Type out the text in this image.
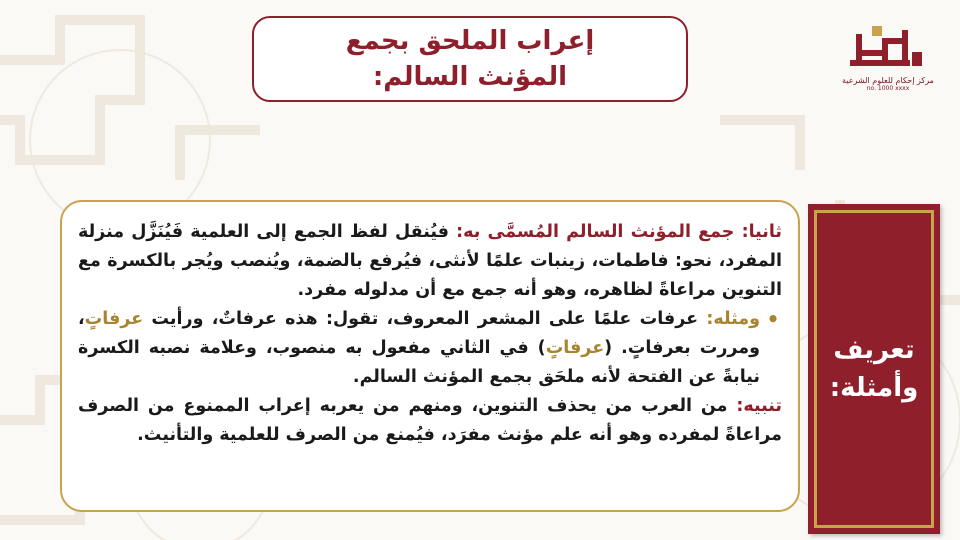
مركز إحكام للعلوم الشرعية
no. 1000 xxxx
إعراب الملحق بجمع
المؤنث السالم:
تعريف
وأمثلة:

ثانيا: جمع المؤنث السالم المُسمَّى به: فيُنقل لفظ الجمع إلى العلمية فَيُنَزَّل منزلة المفرد، نحو: فاطمات، زينبات علمًا لأنثى، فيُرفع بالضمة، ويُنصب ويُجر بالكسرة مع التنوين مراعاةً لظاهره، وهو أنه جمع مع أن مدلوله مفرد.

•
ومثله: عرفات علمًا على المشعر المعروف، تقول: هذه عرفاتٌ، ورأيت عرفاتٍ، ومررت بعرفاتٍ. (عرفاتٍ) في الثاني مفعول به منصوب، وعلامة نصبه الكسرة نيابةً عن الفتحة لأنه ملحَق بجمع المؤنث السالم.

تنبيه: من العرب من يحذف التنوين، ومنهم من يعربه إعراب الممنوع من الصرف مراعاةً لمفرده وهو أنه علم مؤنث مفرَد، فيُمنع من الصرف للعلمية والتأنيث.
